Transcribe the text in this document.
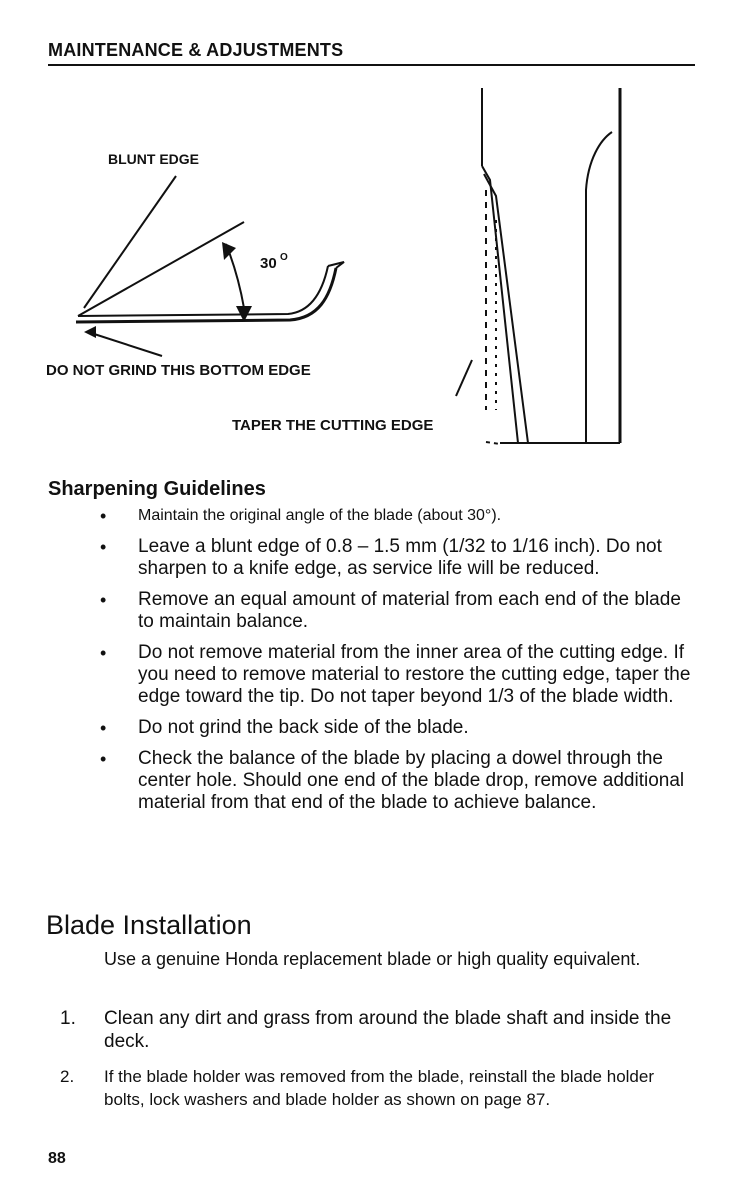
MAINTENANCE & ADJUSTMENTS
BLUNT EDGE
30 O
DO NOT GRIND THIS BOTTOM EDGE
TAPER THE CUTTING EDGE
Sharpening Guidelines
• Maintain the original angle of the blade (about 30°).
• Leave a blunt edge of 0.8 – 1.5 mm (1/32 to 1/16 inch). Do not sharpen to a knife edge, as service life will be reduced.
• Remove an equal amount of material from each end of the blade to maintain balance.
• Do not remove material from the inner area of the cutting edge. If you need to remove material to restore the cutting edge, taper the edge toward the tip. Do not taper beyond 1/3 of the blade width.
• Do not grind the back side of the blade.
• Check the balance of the blade by placing a dowel through the center hole. Should one end of the blade drop, remove additional material from that end of the blade to achieve balance.
Blade Installation
Use a genuine Honda replacement blade or high quality equivalent.
1. Clean any dirt and grass from around the blade shaft and inside the deck.
2. If the blade holder was removed from the blade, reinstall the blade holder bolts, lock washers and blade holder as shown on page 87.
88
